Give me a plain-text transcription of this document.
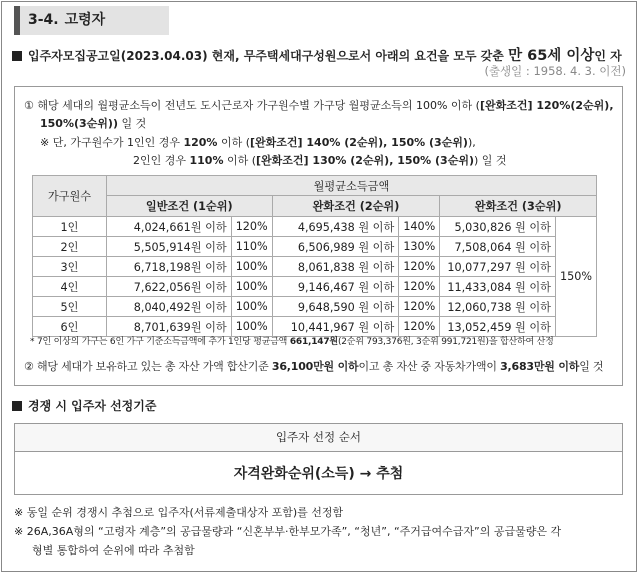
3-4. 고령자
입주자모집공고일(2023.04.03) 현재, 무주택세대구성원으로서 아래의 요건을 모두 갖춘 만 65세 이상인 자
(출생일 : 1958. 4. 3. 이전)
① 해당 세대의 월평균소득이 전년도 도시근로자 가구원수별 가구당 월평균소득의 100% 이하 ([완화조건] 120%(2순위),
150%(3순위)) 일 것
※ 단, 가구원수가 1인인 경우 120% 이하 ([완화조건] 140% (2순위), 150% (3순위)),
2인인 경우 110% 이하 ([완화조건] 130% (2순위), 150% (3순위)) 일 것
가구원수	월평균소득금액					
	일반조건 (1순위)		완화조건 (2순위)		완화조건 (3순위)	
1인	4,024,661원 이하	120%	4,695,438 원 이하	140%	5,030,826 원 이하	150%
2인	5,505,914원 이하	110%	6,506,989 원 이하	130%	7,508,064 원 이하	
3인	6,718,198원 이하	100%	8,061,838 원 이하	120%	10,077,297 원 이하	
4인	7,622,056원 이하	100%	9,146,467 원 이하	120%	11,433,084 원 이하	
5인	8,040,492원 이하	100%	9,648,590 원 이하	120%	12,060,738 원 이하	
6인	8,701,639원 이하	100%	10,441,967 원 이하	120%	13,052,459 원 이하	
* 7인 이상의 가구는 6인 가구 기준소득금액에 추가 1인당 평균금액 661,147원(2순위 793,376원, 3순위 991,721원)을 합산하여 산정
② 해당 세대가 보유하고 있는 총 자산 가액 합산기준 36,100만원 이하이고 총 자산 중 자동차가액이 3,683만원 이하일 것
경쟁 시 입주자 선정기준
입주자 선정 순서
자격완화순위(소득) → 추첨
※ 동일 순위 경쟁시 추첨으로 입주자(서류제출대상자 포함)를 선정함
※ 26A,36A형의 “고령자 계층”의 공급물량과 “신혼부부·한부모가족”, “청년”, “주거급여수급자”의 공급물량은 각
형별 통합하여 순위에 따라 추첨함
